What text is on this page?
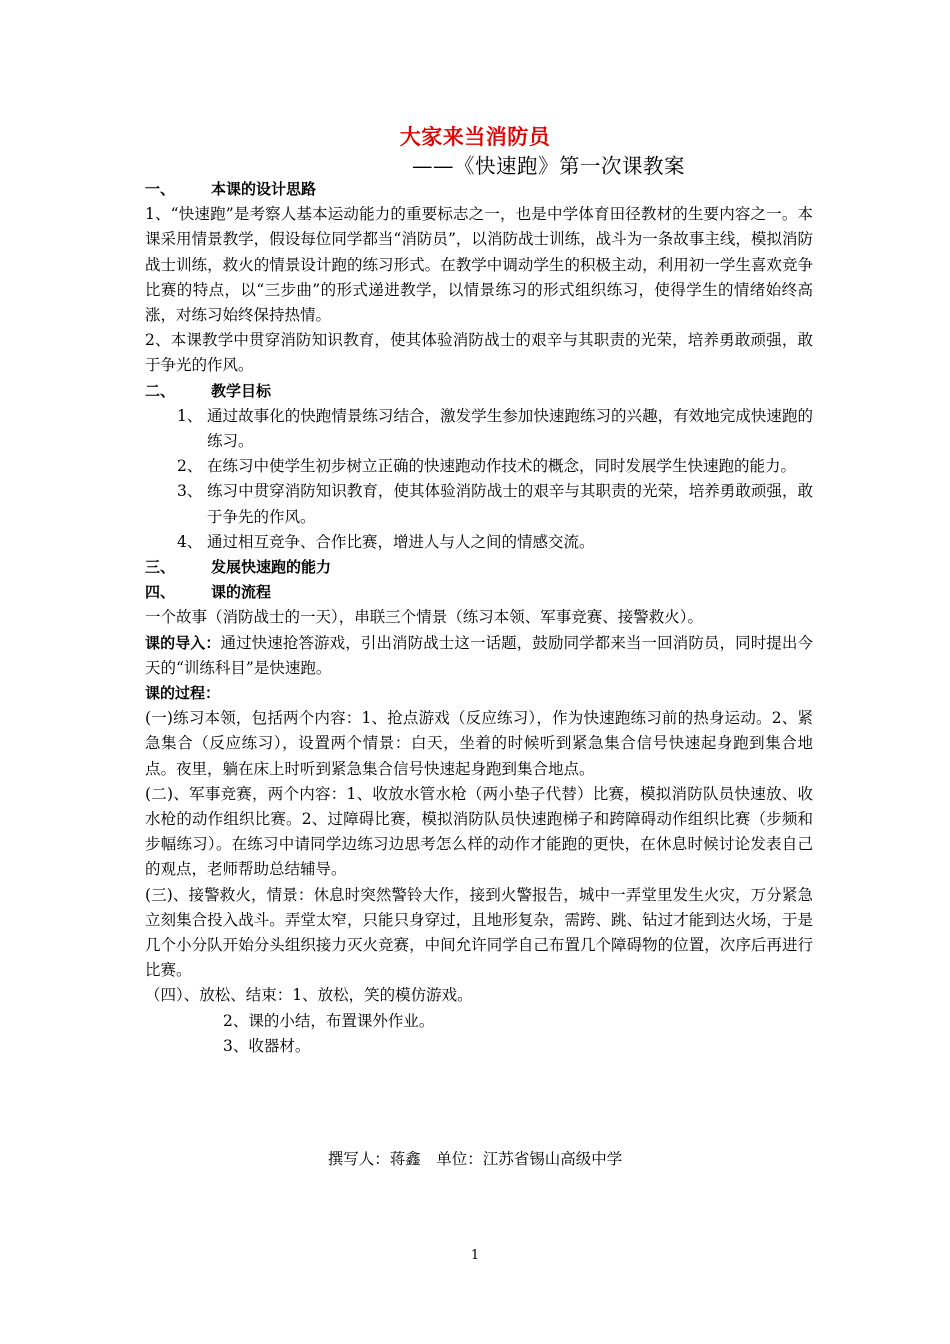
大家来当消防员
——《快速跑》第一次课教案
一、 本课的设计思路
1、“快速跑”是考察人基本运动能力的重要标志之一，也是中学体育田径教材的生要内容之一。本课采用情景教学，假设每位同学都当“消防员”，以消防战士训练，战斗为一条故事主线，模拟消防战士训练，救火的情景设计跑的练习形式。在教学中调动学生的积极主动，利用初一学生喜欢竞争比赛的特点，以“三步曲”的形式递进教学，以情景练习的形式组织练习，使得学生的情绪始终高涨，对练习始终保持热情。
2、本课教学中贯穿消防知识教育，使其体验消防战士的艰辛与其职责的光荣，培养勇敢顽强，敢于争光的作风。
二、 教学目标
1、 通过故事化的快跑情景练习结合，激发学生参加快速跑练习的兴趣，有效地完成快速跑的练习。
2、 在练习中使学生初步树立正确的快速跑动作技术的概念，同时发展学生快速跑的能力。
3、 练习中贯穿消防知识教育，使其体验消防战士的艰辛与其职责的光荣，培养勇敢顽强，敢于争先的作风。
4、 通过相互竞争、合作比赛，增进人与人之间的情感交流。
三、 发展快速跑的能力
四、 课的流程
一个故事（消防战士的一天），串联三个情景（练习本领、军事竞赛、接警救火）。
课的导入：通过快速抢答游戏，引出消防战士这一话题，鼓励同学都来当一回消防员，同时提出今天的“训练科目”是快速跑。
课的过程：
(一)练习本领，包括两个内容：1、抢点游戏（反应练习），作为快速跑练习前的热身运动。2、紧急集合（反应练习），设置两个情景：白天，坐着的时候听到紧急集合信号快速起身跑到集合地点。夜里，躺在床上时听到紧急集合信号快速起身跑到集合地点。
(二)、军事竞赛，两个内容：1、收放水管水枪（两小垫子代替）比赛，模拟消防队员快速放、收水枪的动作组织比赛。2、过障碍比赛，模拟消防队员快速跑梯子和跨障碍动作组织比赛（步频和步幅练习）。在练习中请同学边练习边思考怎么样的动作才能跑的更快，在休息时候讨论发表自己的观点，老师帮助总结辅导。
(三)、接警救火，情景：休息时突然警铃大作，接到火警报告，城中一弄堂里发生火灾，万分紧急立刻集合投入战斗。弄堂太窄，只能只身穿过，且地形复杂，需跨、跳、钻过才能到达火场，于是几个小分队开始分头组织接力灭火竞赛，中间允许同学自己布置几个障碍物的位置，次序后再进行比赛。
（四）、放松、结束：1、放松，笑的模仿游戏。
2、课的小结，布置课外作业。
3、收器材。
撰写人：蒋鑫　单位：江苏省锡山高级中学
1
